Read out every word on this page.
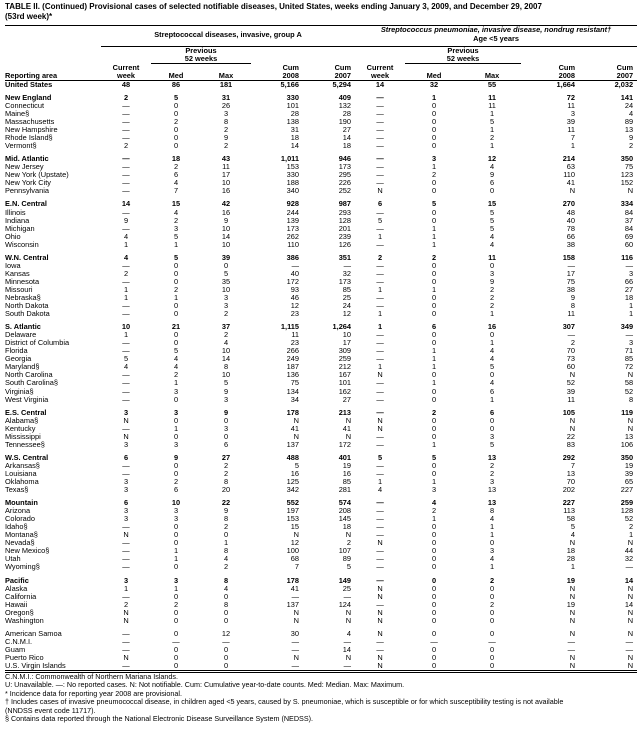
TABLE II. (Continued) Provisional cases of selected notifiable diseases, United States, weeks ending January 3, 2009, and December 29, 2007
(53rd week)*
	Streptococcal diseases, invasive, group A					Streptococcus pneumoniae, invasive disease, nondrug resistant†
Age <5 years				

		Previous
52 weeks					Previous
52 weeks			
Reporting area	Current
week	Med	Max	Cum
2008	Cum
2007	Current
week	Med	Max	Cum
2008	Cum
2007
United States	48	86	181	5,166	5,294	14	32	55	1,664	2,032

New England	2	5	31	330	409	—	1	11	72	141
Connecticut	—	0	26	101	132	—	0	11	11	24
Maine§	—	0	3	28	28	—	0	1	3	4
Massachusetts	—	2	8	138	190	—	0	5	39	89
New Hampshire	—	0	2	31	27	—	0	1	11	13
Rhode Island§	—	0	9	18	14	—	0	2	7	9
Vermont§	2	0	2	14	18	—	0	1	1	2

Mid. Atlantic	—	18	43	1,011	946	—	3	12	214	350
New Jersey	—	2	11	153	173	—	1	4	63	75
New York (Upstate)	—	6	17	330	295	—	2	9	110	123
New York City	—	4	10	188	226	—	0	6	41	152
Pennsylvania	—	7	16	340	252	N	0	0	N	N

E.N. Central	14	15	42	928	987	6	5	15	270	334
Illinois	—	4	16	244	293	—	0	5	48	84
Indiana	9	2	9	139	128	5	0	5	40	37
Michigan	—	3	10	173	201	—	1	5	78	84
Ohio	4	5	14	262	239	1	1	4	66	69
Wisconsin	1	1	10	110	126	—	1	4	38	60

W.N. Central	4	5	39	386	351	2	2	11	158	116
Iowa	—	0	0	—	—	—	0	0	—	—
Kansas	2	0	5	40	32	—	0	3	17	3
Minnesota	—	0	35	172	173	—	0	9	75	66
Missouri	1	2	10	93	85	1	1	2	38	27
Nebraska§	1	1	3	46	25	—	0	2	9	18
North Dakota	—	0	3	12	24	—	0	2	8	1
South Dakota	—	0	2	23	12	1	0	1	11	1

S. Atlantic	10	21	37	1,115	1,264	1	6	16	307	349
Delaware	1	0	2	11	10	—	0	0	—	—
District of Columbia	—	0	4	23	17	—	0	1	2	3
Florida	—	5	10	266	309	—	1	4	70	71
Georgia	5	4	14	249	259	—	1	4	73	85
Maryland§	4	4	8	187	212	1	1	5	60	72
North Carolina	—	2	10	136	167	N	0	0	N	N
South Carolina§	—	1	5	75	101	—	1	4	52	58
Virginia§	—	3	9	134	162	—	0	6	39	52
West Virginia	—	0	3	34	27	—	0	1	11	8

E.S. Central	3	3	9	178	213	—	2	6	105	119
Alabama§	N	0	0	N	N	N	0	0	N	N
Kentucky	—	1	3	41	41	N	0	0	N	N
Mississippi	N	0	0	N	N	—	0	3	22	13
Tennessee§	3	3	6	137	172	—	1	5	83	106

W.S. Central	6	9	27	488	401	5	5	13	292	350
Arkansas§	—	0	2	5	19	—	0	2	7	19
Louisiana	—	0	2	16	16	—	0	2	13	39
Oklahoma	3	2	8	125	85	1	1	3	70	65
Texas§	3	6	20	342	281	4	3	13	202	227

Mountain	6	10	22	552	574	—	4	13	227	259
Arizona	3	3	9	197	208	—	2	8	113	128
Colorado	3	3	8	153	145	—	1	4	58	52
Idaho§	—	0	2	15	18	—	0	1	5	2
Montana§	N	0	0	N	N	—	0	1	4	1
Nevada§	—	0	1	12	2	N	0	0	N	N
New Mexico§	—	1	8	100	107	—	0	3	18	44
Utah	—	1	4	68	89	—	0	4	28	32
Wyoming§	—	0	2	7	5	—	0	1	1	—

Pacific	3	3	8	178	149	—	0	2	19	14
Alaska	1	1	4	41	25	N	0	0	N	N
California	—	0	0	—	—	N	0	0	N	N
Hawaii	2	2	8	137	124	—	0	2	19	14
Oregon§	N	0	0	N	N	N	0	0	N	N
Washington	N	0	0	N	N	N	0	0	N	N

American Samoa	—	0	12	30	4	N	0	0	N	N
C.N.M.I.	—	—	—	—	—	—	—	—	—	—
Guam	—	0	0	—	14	—	0	0	—	—
Puerto Rico	N	0	0	N	N	N	0	0	N	N
U.S. Virgin Islands	—	0	0	—	—	N	0	0	N	N
C.N.M.I.: Commonwealth of Northern Mariana Islands.
U: Unavailable. —: No reported cases. N: Not notifiable. Cum: Cumulative year-to-date counts. Med: Median. Max: Maximum.
* Incidence data for reporting year 2008 are provisional.
† Includes cases of invasive pneumococcal disease, in children aged <5 years, caused by S. pneumoniae, which is susceptible or for which susceptibility testing is not available
(NNDSS event code 11717).
§ Contains data reported through the National Electronic Disease Surveillance System (NEDSS).
